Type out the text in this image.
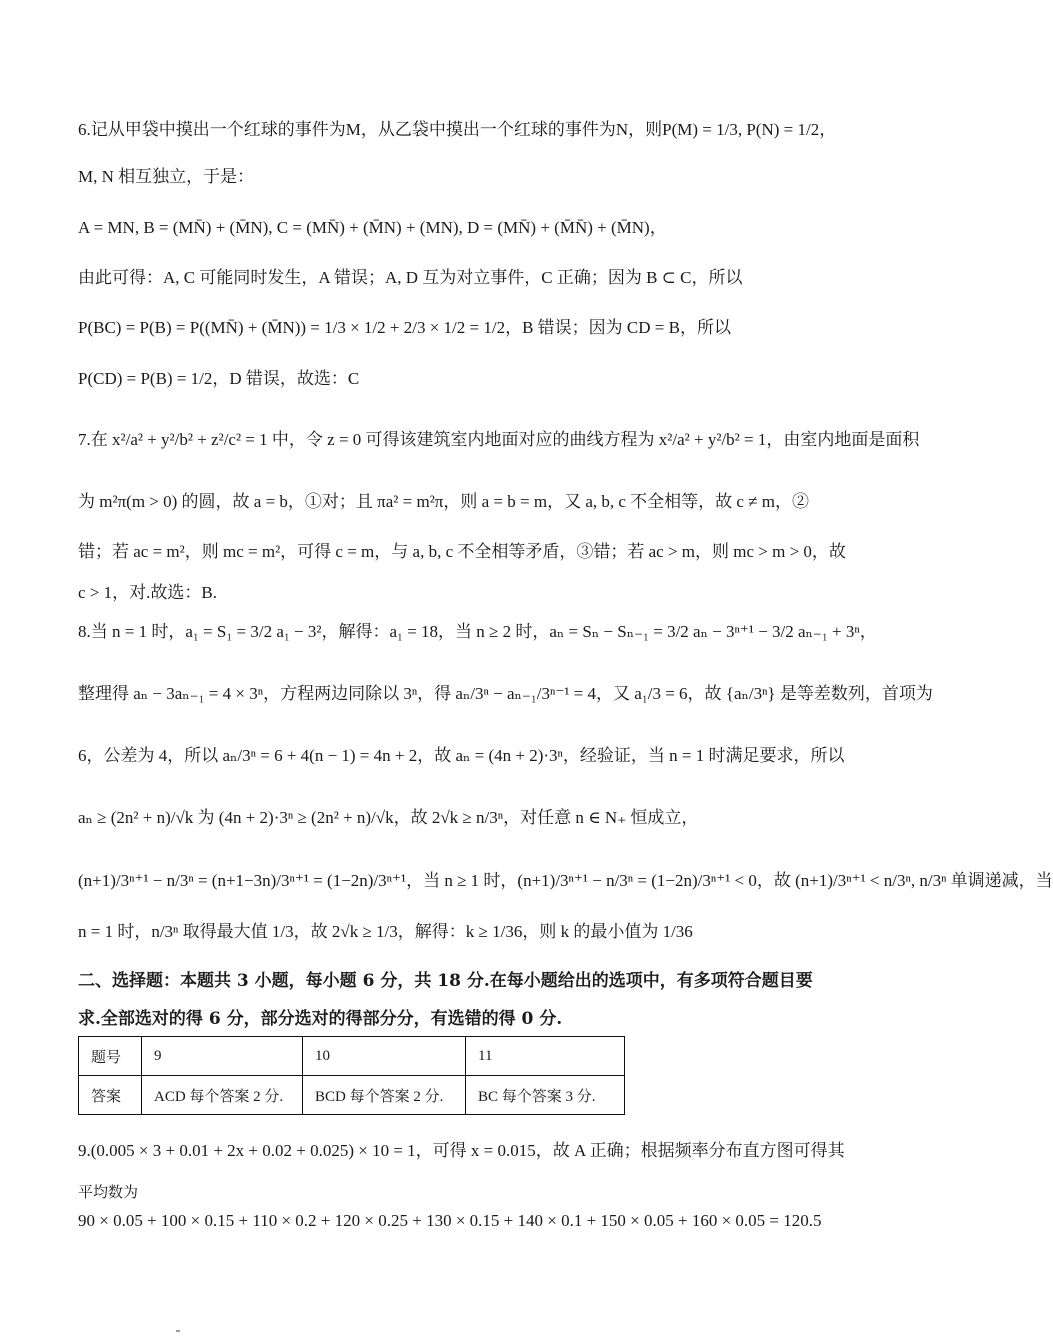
6.记从甲袋中摸出一个红球的事件为M，从乙袋中摸出一个红球的事件为N，则P(M) = 1/3, P(N) = 1/2，
M, N 相互独立，于是：
A = MN, B = (MN̄) + (M̄N), C = (MN̄) + (M̄N) + (MN), D = (MN̄) + (M̄N̄) + (M̄N)，
由此可得：A, C 可能同时发生，A 错误；A, D 互为对立事件，C 正确；因为 B ⊂ C，所以
P(BC) = P(B) = P((MN̄) + (M̄N)) = 1/3 × 1/2 + 2/3 × 1/2 = 1/2，B 错误；因为 CD = B，所以
P(CD) = P(B) = 1/2，D 错误，故选：C
7.在 x²/a² + y²/b² + z²/c² = 1 中，令 z = 0 可得该建筑室内地面对应的曲线方程为 x²/a² + y²/b² = 1，由室内地面是面积
为 m²π(m > 0) 的圆，故 a = b，①对；且 πa² = m²π，则 a = b = m，又 a, b, c 不全相等，故 c ≠ m，②
错；若 ac = m²，则 mc = m²，可得 c = m，与 a, b, c 不全相等矛盾，③错；若 ac > m，则 mc > m > 0，故
c > 1，对.故选：B.
8.当 n = 1 时，a₁ = S₁ = 3/2 a₁ − 3²，解得：a₁ = 18，当 n ≥ 2 时，aₙ = Sₙ − Sₙ₋₁ = 3/2 aₙ − 3ⁿ⁺¹ − 3/2 aₙ₋₁ + 3ⁿ，
整理得 aₙ − 3aₙ₋₁ = 4 × 3ⁿ，方程两边同除以 3ⁿ，得 aₙ/3ⁿ − aₙ₋₁/3ⁿ⁻¹ = 4，又 a₁/3 = 6，故 {aₙ/3ⁿ} 是等差数列，首项为
6，公差为 4，所以 aₙ/3ⁿ = 6 + 4(n − 1) = 4n + 2，故 aₙ = (4n + 2)·3ⁿ，经验证，当 n = 1 时满足要求，所以
aₙ ≥ (2n² + n)/√k 为 (4n + 2)·3ⁿ ≥ (2n² + n)/√k，故 2√k ≥ n/3ⁿ，对任意 n ∈ N₊ 恒成立，
(n+1)/3ⁿ⁺¹ − n/3ⁿ = (n+1−3n)/3ⁿ⁺¹ = (1−2n)/3ⁿ⁺¹，当 n ≥ 1 时，(n+1)/3ⁿ⁺¹ − n/3ⁿ = (1−2n)/3ⁿ⁺¹ < 0，故 (n+1)/3ⁿ⁺¹ < n/3ⁿ, n/3ⁿ 单调递减，当
n = 1 时，n/3ⁿ 取得最大值 1/3，故 2√k ≥ 1/3，解得：k ≥ 1/36，则 k 的最小值为 1/36
二、选择题：本题共 3 小题，每小题 6 分，共 18 分.在每小题给出的选项中，有多项符合题目要
求.全部选对的得 6 分，部分选对的得部分分，有选错的得 0 分.
题号	9	10	11
答案	ACD 每个答案 2 分.	BCD 每个答案 2 分.	BC 每个答案 3 分.
9.(0.005 × 3 + 0.01 + 2x + 0.02 + 0.025) × 10 = 1，可得 x = 0.015，故 A 正确；根据频率分布直方图可得其
平均数为
90 × 0.05 + 100 × 0.15 + 110 × 0.2 + 120 × 0.25 + 130 × 0.15 + 140 × 0.1 + 150 × 0.05 + 160 × 0.05 = 120.5
